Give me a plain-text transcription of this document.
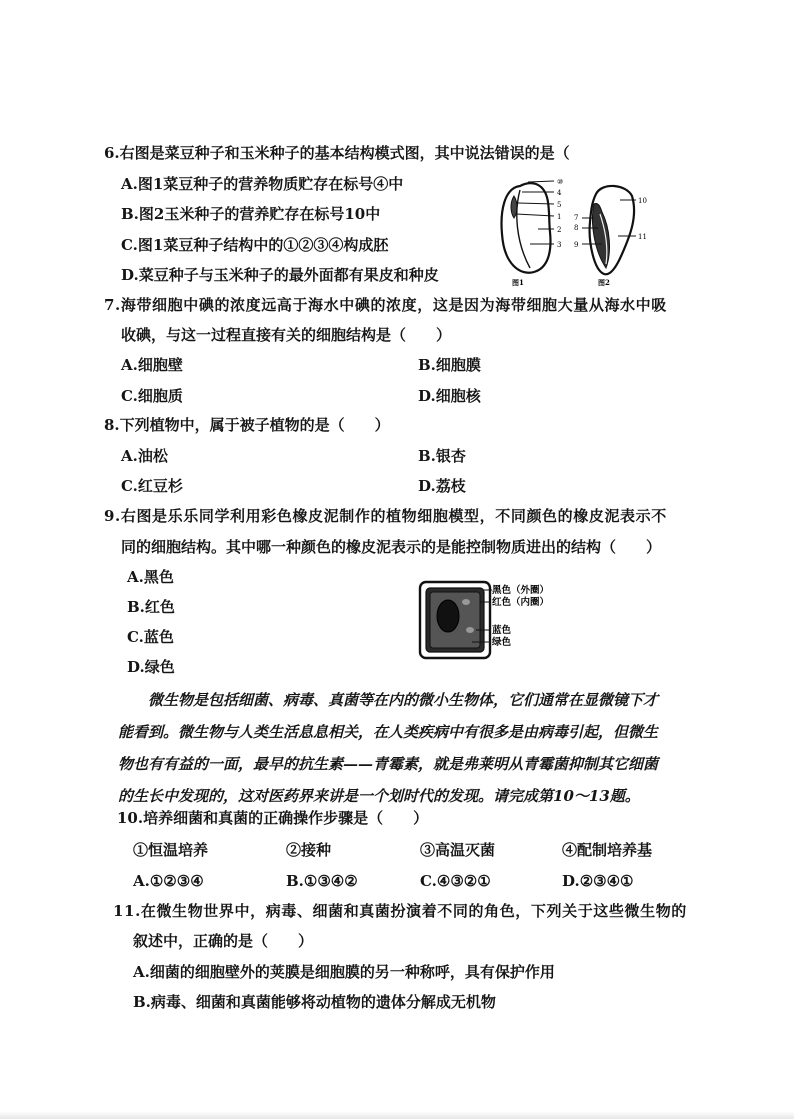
6.右图是菜豆种子和玉米种子的基本结构模式图，其中说法错误的是（
A.图1菜豆种子的营养物质贮存在标号④中
B.图2玉米种子的营养贮存在标号10中
C.图1菜豆种子结构中的①②③④构成胚
D.菜豆种子与玉米种子的最外面都有果皮和种皮
⑩
4
5
1
2
3
图1
10
7
8
11
9
图2
7.海带细胞中碘的浓度远高于海水中碘的浓度，这是因为海带细胞大量从海水中吸
收碘，与这一过程直接有关的细胞结构是（　　）
A.细胞壁	B.细胞膜
C.细胞质	D.细胞核
8.下列植物中，属于被子植物的是（　　）
A.油松	B.银杏
C.红豆杉	D.荔枝
9.右图是乐乐同学利用彩色橡皮泥制作的植物细胞模型，不同颜色的橡皮泥表示不
同的细胞结构。其中哪一种颜色的橡皮泥表示的是能控制物质进出的结构（　　）
A.黑色
B.红色
C.蓝色
D.绿色
黑色（外圈）
红色（内圈）
蓝色
绿色
　　微生物是包括细菌、病毒、真菌等在内的微小生物体，它们通常在显微镜下才
能看到。微生物与人类生活息息相关，在人类疾病中有很多是由病毒引起，但微生
物也有有益的一面，最早的抗生素——青霉素，就是弗莱明从青霉菌抑制其它细菌
的生长中发现的，这对医药界来讲是一个划时代的发现。请完成第10～13题。
10.培养细菌和真菌的正确操作步骤是（　　）
①恒温培养	②接种	③高温灭菌	④配制培养基
A.①②③④	B.①③④②	C.④③②①	D.②③④①
11.在微生物世界中，病毒、细菌和真菌扮演着不同的角色，下列关于这些微生物的
叙述中，正确的是（　　）
A.细菌的细胞壁外的荚膜是细胞膜的另一种称呼，具有保护作用
B.病毒、细菌和真菌能够将动植物的遗体分解成无机物
